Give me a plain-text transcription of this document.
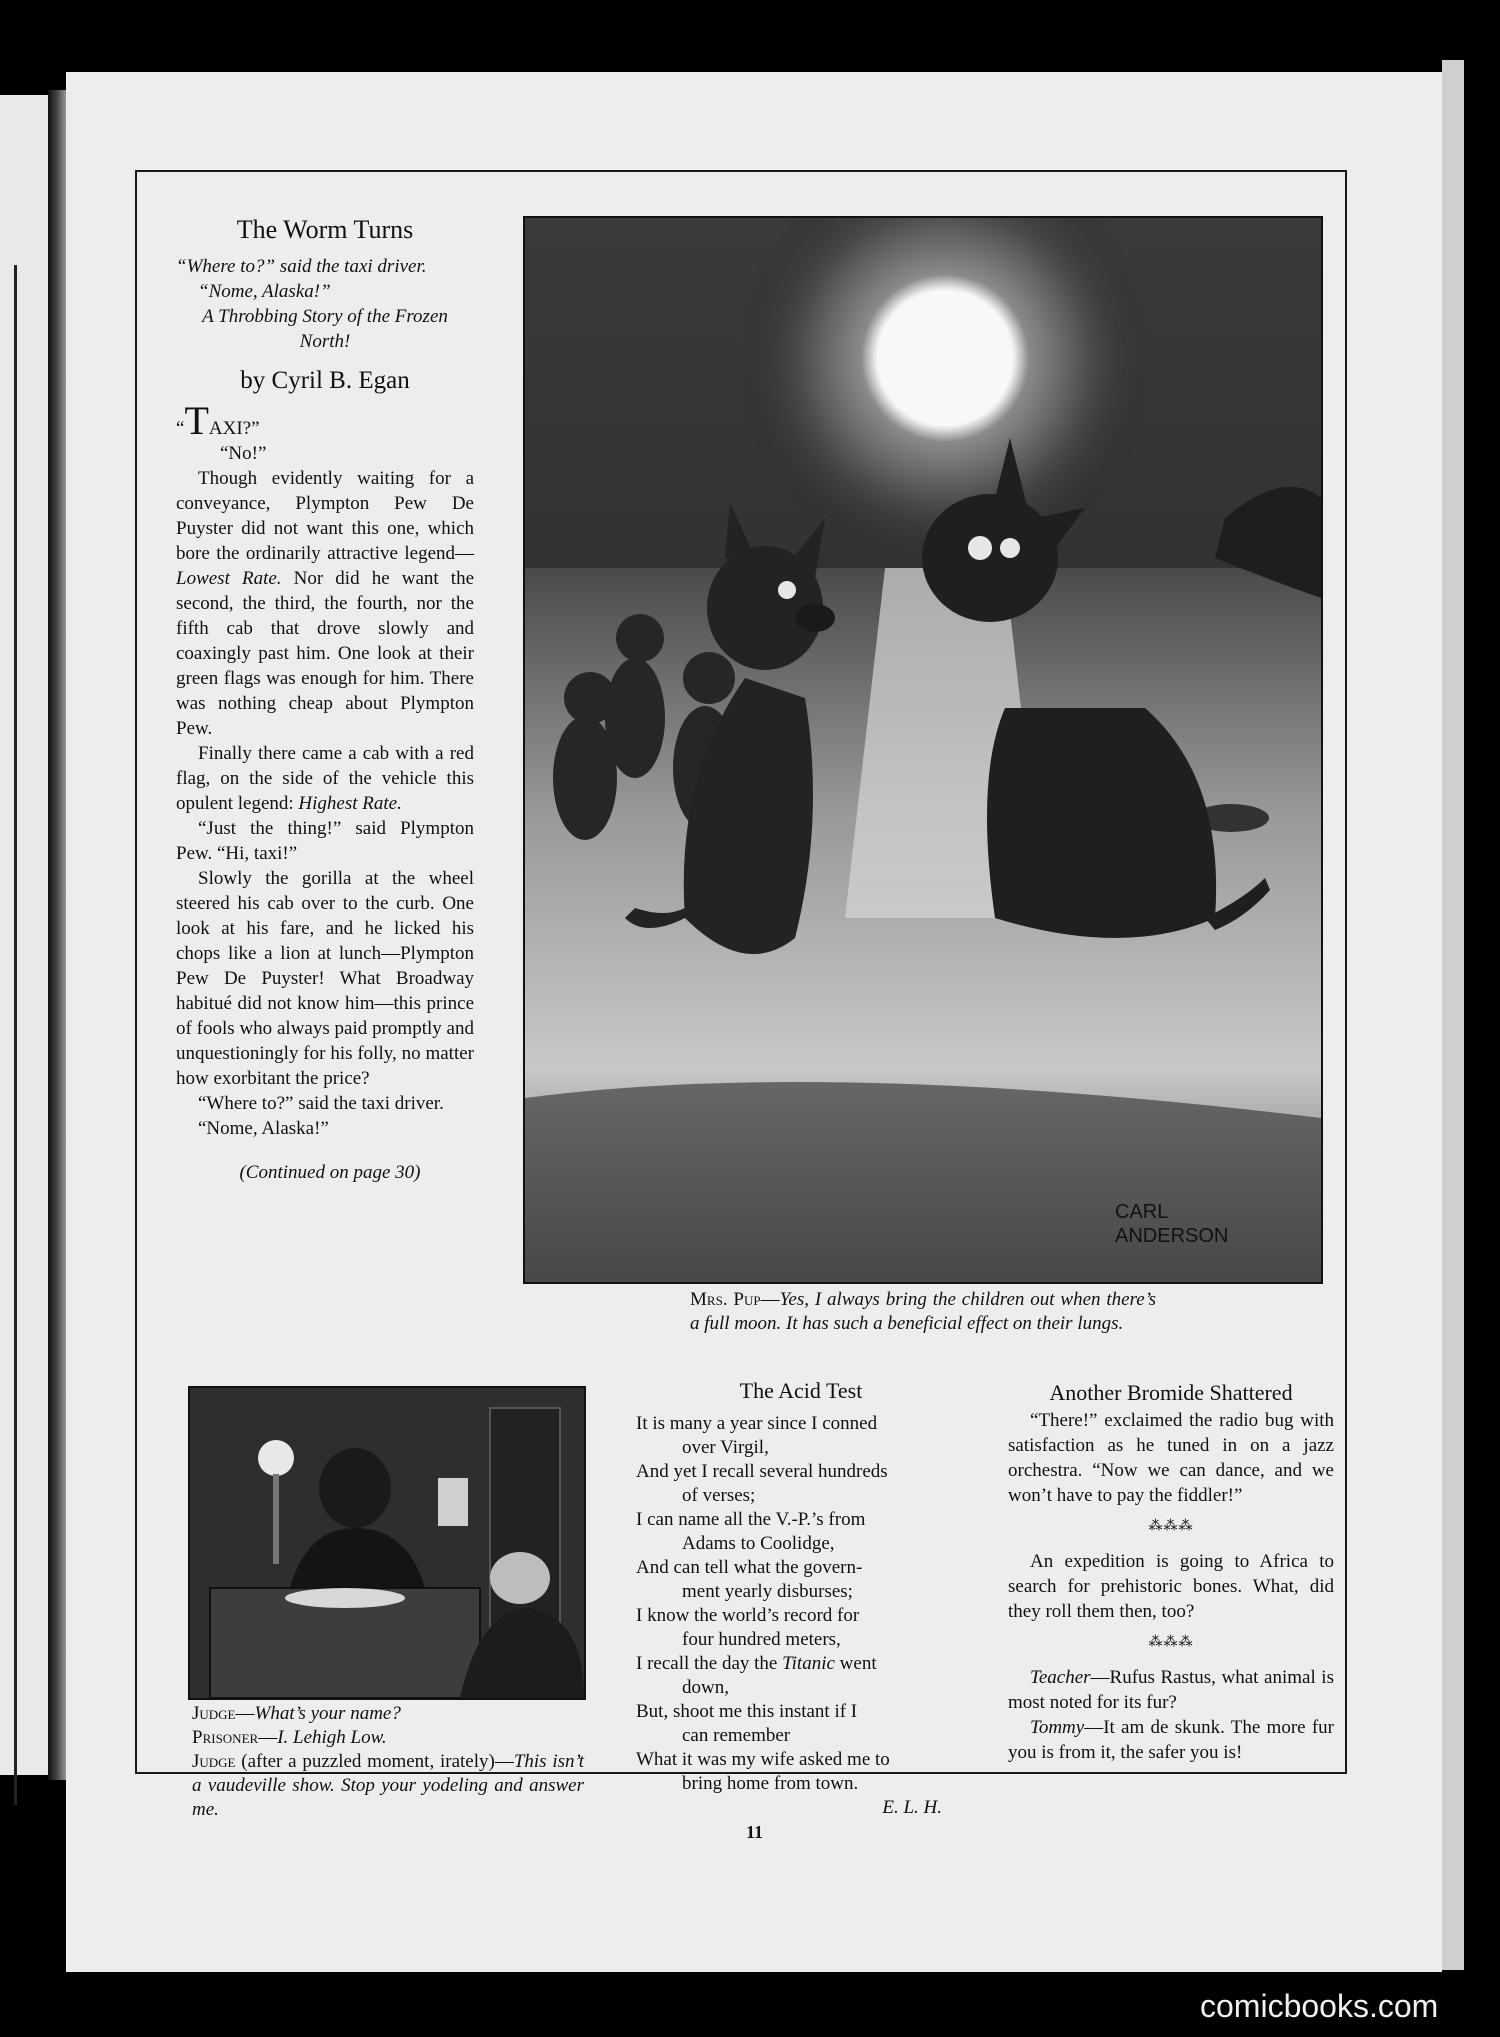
The Worm Turns

“Where to?” said the taxi driver.

“Nome, Alaska!”

A Throbbing Story of the Frozen North!

by Cyril B. Egan

“TAXI?”

“No!”

Though evidently waiting for a conveyance, Plympton Pew De Puyster did not want this one, which bore the ordinarily attractive legend—Lowest Rate. Nor did he want the second, the third, the fourth, nor the fifth cab that drove slowly and coaxingly past him. One look at their green flags was enough for him. There was nothing cheap about Plympton Pew.

Finally there came a cab with a red flag, on the side of the vehicle this opulent legend: Highest Rate.

“Just the thing!” said Plympton Pew. “Hi, taxi!”

Slowly the gorilla at the wheel steered his cab over to the curb. One look at his fare, and he licked his chops like a lion at lunch—Plympton Pew De Puyster! What Broadway habitué did not know him—this prince of fools who always paid promptly and unquestioningly for his folly, no matter how exorbitant the price?

“Where to?” said the taxi driver.

“Nome, Alaska!”

(Continued on page 30)

CARL
ANDERSON
Mrs. Pup—Yes, I always bring the children out when there’s a full moon. It has such a beneficial effect on their lungs.

Judge—What’s your name?

Prisoner—I. Lehigh Low.

Judge (after a puzzled moment, irately)—This isn’t a vaudeville show. Stop your yodeling and answer me.

The Acid Test

It is many a year since I conned

over Virgil,

And yet I recall several hundreds

of verses;

I can name all the V.-P.’s from

Adams to Coolidge,

And can tell what the govern-

ment yearly disburses;

I know the world’s record for

four hundred meters,

I recall the day the Titanic went

down,

But, shoot me this instant if I

can remember

What it was my wife asked me to

bring home from town.

E. L. H.

Another Bromide Shattered

“There!” exclaimed the radio bug with satisfaction as he tuned in on a jazz orchestra. “Now we can dance, and we won’t have to pay the fiddler!”

⁂⁂⁂

An expedition is going to Africa to search for prehistoric bones. What, did they roll them then, too?

⁂⁂⁂

Teacher—Rufus Rastus, what animal is most noted for its fur?

Tommy—It am de skunk. The more fur you is from it, the safer you is!

11
comicbooks.com
